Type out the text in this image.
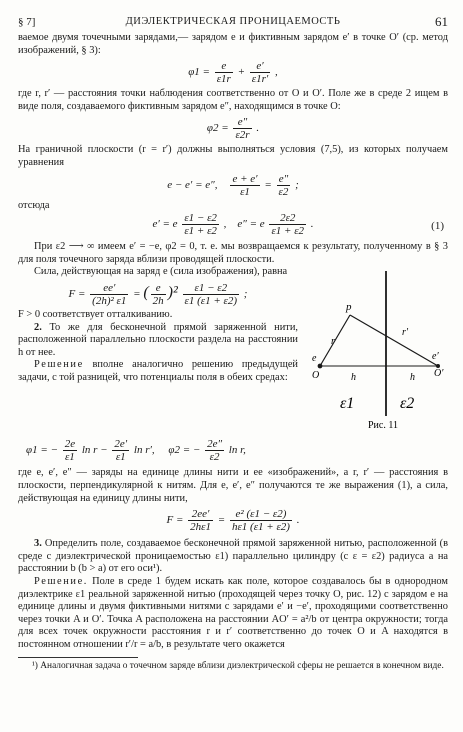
§ 7]	ДИЭЛЕКТРИЧЕСКАЯ ПРОНИЦАЕМОСТЬ	61

ваемое двумя точечными зарядами,— зарядом e и фиктивным зарядом e′ в точке O′ (ср. метод изображений, § 3):

$\varphi 1 = \frac{e}{\varepsilon 1r} + \frac{e'}{\varepsilon 1r'}$ ,

где r, r′ — расстояния точки наблюдения соответственно от O и O′. Поле же в среде 2 ищем в виде поля, создаваемого фиктивным зарядом e″, находящимся в точке O:

$\varphi 2 = \frac{e''}{\varepsilon 2r}$ .

На граничной плоскости (r = r′) должны выполняться условия (7,5), из которых получаем уравнения

e − e′ = e″, $\frac{e + e'}{\varepsilon 1} = \frac{e''}{\varepsilon 2}$ ;

отсюда

e′ = e $\frac{\varepsilon 1 - \varepsilon 2}{\varepsilon 1 + \varepsilon 2}$ , e″ = e $\frac{2\varepsilon 2}{\varepsilon 1 + \varepsilon 2}$ .	(1)

При ε2 ⟶ ∞ имеем e′ = −e, φ2 = 0, т. е. мы возвращаемся к результату, полученному в § 3 для поля точечного заряда вблизи проводящей плоскости.

Сила, действующая на заряд e (сила изображения), равна

$F = \frac{ee'}{\text{(2h)² ε1}}$ = ( $\frac{e}{2h} )^2 \frac{\varepsilon 1 - \varepsilon 2}{\varepsilon 1 (\varepsilon 1 + \varepsilon 2)}$ ;

F > 0 соответствует отталкиванию.

2. То же для бесконечной прямой заряженной нити, расположенной параллельно плоскости раздела на расстоянии h от нее.

Решение вполне аналогично решению предыдущей задачи, с той разницей, что потенциалы поля в обеих средах:

p
r
r′
e
O
e′
O′
h	h
ε1	ε2
Рис. 11
φ1 = − $\frac{2e}{\varepsilon 1}$ $\ln r - \frac{2e'}{\varepsilon 1}$ ln r′, φ2 = − $\frac{2e''}{\varepsilon 2}$ ln r,

где e, e′, e″ — заряды на единице длины нити и ее «изображений», а r, r′ — расстояния в плоскости, перпендикулярной к нитям. Для e, e′, e″ получаются те же выражения (1), а сила, действующая на единицу длины нити,

$F = \frac{2ee'}{2h\varepsilon 1} = \frac{\text{e² (ε1 − ε2)}}{h\varepsilon 1 (\varepsilon 1 + \varepsilon 2)}$ .

3. Определить поле, создаваемое бесконечной прямой заряженной нитью, расположенной (в среде с диэлектрической проницаемостью ε1) параллельно цилиндру (с ε = ε2) радиуса a на расстоянии b (b > a) от его оси¹).

Решение. Поле в среде 1 будем искать как поле, которое создавалось бы в однородном диэлектрике ε1 реальной заряженной нитью (проходящей через точку O, рис. 12) с зарядом e на единице длины и двумя фиктивными нитями с зарядами e′ и −e′, проходящими соответственно через точки A и O′. Точка A расположена на расстоянии AO′ = a²/b от центра окружности; тогда для всех точек окружности расстояния r и r′ соответственно до точек O и A находятся в постоянном отношении r′/r = a/b, в результате чего окажется

¹) Аналогичная задача о точечном заряде вблизи диэлектрической сферы не решается в конечном виде.
